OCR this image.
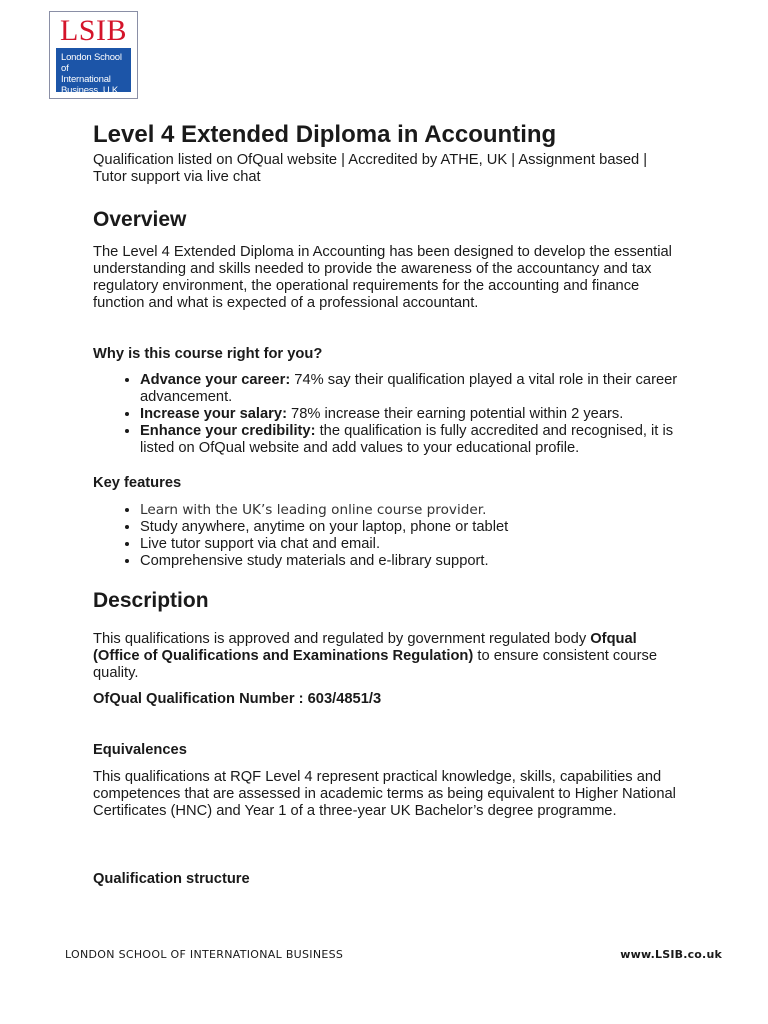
LSIB
London School of
International
Business, U.K.
Level 4 Extended Diploma in Accounting

Qualification listed on OfQual website | Accredited by ATHE, UK | Assignment based | Tutor support via live chat

Overview

The Level 4 Extended Diploma in Accounting has been designed to develop the essential understanding and skills needed to provide the awareness of the accountancy and tax regulatory environment, the operational requirements for the accounting and finance function and what is expected of a professional accountant.

Why is this course right for you?

• Advance your career: 74% say their qualification played a vital role in their career advancement.
• Increase your salary: 78% increase their earning potential within 2 years.
• Enhance your credibility: the qualification is fully accredited and recognised, it is listed on OfQual website and add values to your educational profile.

Key features

• Learn with the UK’s leading online course provider.
• Study anywhere, anytime on your laptop, phone or tablet
• Live tutor support via chat and email.
• Comprehensive study materials and e-library support.
Description

This qualifications is approved and regulated by government regulated body Ofqual (Office of Qualifications and Examinations Regulation) to ensure consistent course quality.

OfQual Qualification Number : 603/4851/3

Equivalences

This qualifications at RQF Level 4 represent practical knowledge, skills, capabilities and competences that are assessed in academic terms as being equivalent to Higher National Certificates (HNC) and Year 1 of a three-year UK Bachelor’s degree programme.

Qualification structure

LONDON SCHOOL OF INTERNATIONAL BUSINESS	www.LSIB.co.uk
